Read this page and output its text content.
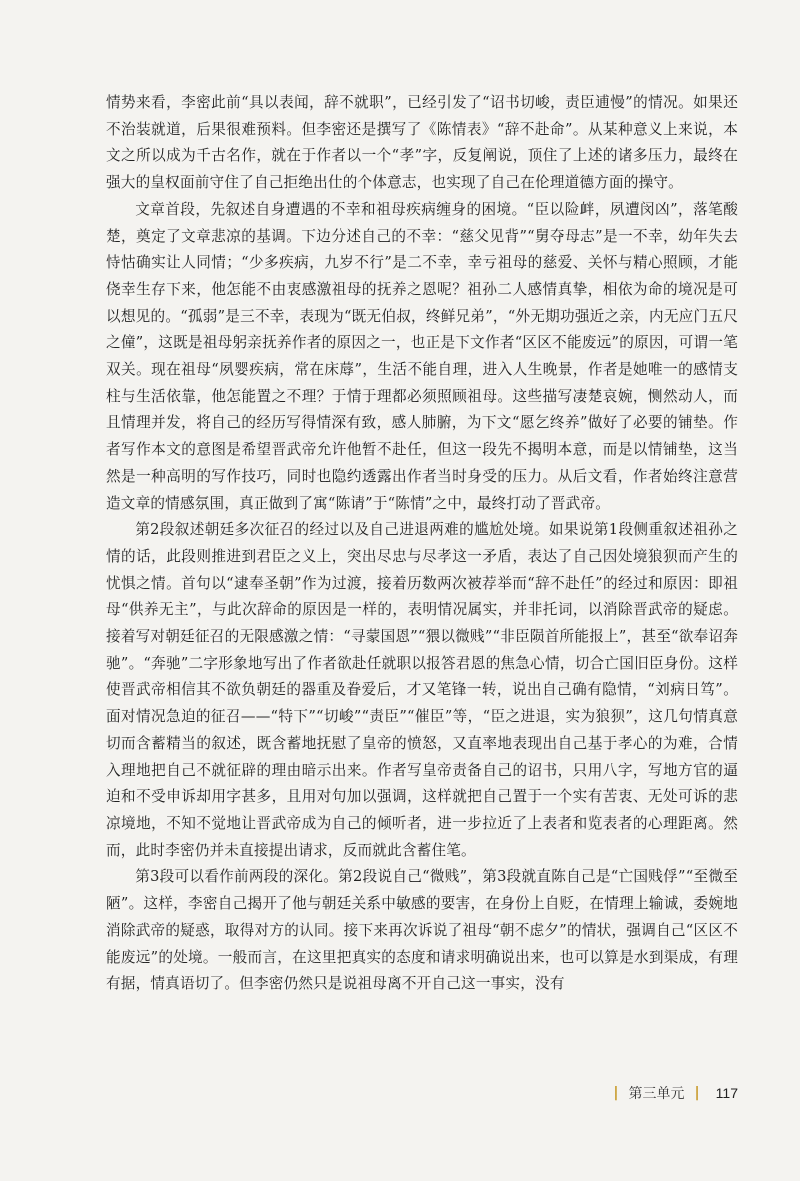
情势来看，李密此前“具以表闻，辞不就职”，已经引发了“诏书切峻，责臣逋慢”的情况。如果还不治装就道，后果很难预料。但李密还是撰写了《陈情表》“辞不赴命”。从某种意义上来说，本文之所以成为千古名作，就在于作者以一个“孝”字，反复阐说，顶住了上述的诸多压力，最终在强大的皇权面前守住了自己拒绝出仕的个体意志，也实现了自己在伦理道德方面的操守。

文章首段，先叙述自身遭遇的不幸和祖母疾病缠身的困境。“臣以险衅，夙遭闵凶”，落笔酸楚，奠定了文章悲凉的基调。下边分述自己的不幸：“慈父见背”“舅夺母志”是一不幸，幼年失去恃怙确实让人同情；“少多疾病，九岁不行”是二不幸，幸亏祖母的慈爱、关怀与精心照顾，才能侥幸生存下来，他怎能不由衷感激祖母的抚养之恩呢？祖孙二人感情真挚，相依为命的境况是可以想见的。“孤弱”是三不幸，表现为“既无伯叔，终鲜兄弟”，“外无期功强近之亲，内无应门五尺之僮”，这既是祖母躬亲抚养作者的原因之一，也正是下文作者“区区不能废远”的原因，可谓一笔双关。现在祖母“夙婴疾病，常在床蓐”，生活不能自理，进入人生晚景，作者是她唯一的感情支柱与生活依靠，他怎能置之不理？于情于理都必须照顾祖母。这些描写凄楚哀婉，恻然动人，而且情理并发，将自己的经历写得情深有致，感人肺腑，为下文“愿乞终养”做好了必要的铺垫。作者写作本文的意图是希望晋武帝允许他暂不赴任，但这一段先不揭明本意，而是以情铺垫，这当然是一种高明的写作技巧，同时也隐约透露出作者当时身受的压力。从后文看，作者始终注意营造文章的情感氛围，真正做到了寓“陈请”于“陈情”之中，最终打动了晋武帝。

第2段叙述朝廷多次征召的经过以及自己进退两难的尴尬处境。如果说第1段侧重叙述祖孙之情的话，此段则推进到君臣之义上，突出尽忠与尽孝这一矛盾，表达了自己因处境狼狈而产生的忧惧之情。首句以“逮奉圣朝”作为过渡，接着历数两次被荐举而“辞不赴任”的经过和原因：即祖母“供养无主”，与此次辞命的原因是一样的，表明情况属实，并非托词，以消除晋武帝的疑虑。接着写对朝廷征召的无限感激之情：“寻蒙国恩”“猥以微贱”“非臣陨首所能报上”，甚至“欲奉诏奔驰”。“奔驰”二字形象地写出了作者欲赴任就职以报答君恩的焦急心情，切合亡国旧臣身份。这样使晋武帝相信其不欲负朝廷的器重及眷爱后，才又笔锋一转，说出自己确有隐情，“刘病日笃”。面对情况急迫的征召——“特下”“切峻”“责臣”“催臣”等，“臣之进退，实为狼狈”，这几句情真意切而含蓄精当的叙述，既含蓄地抚慰了皇帝的愤怒，又直率地表现出自己基于孝心的为难，合情入理地把自己不就征辟的理由暗示出来。作者写皇帝责备自己的诏书，只用八字，写地方官的逼迫和不受申诉却用字甚多，且用对句加以强调，这样就把自己置于一个实有苦衷、无处可诉的悲凉境地，不知不觉地让晋武帝成为自己的倾听者，进一步拉近了上表者和览表者的心理距离。然而，此时李密仍并未直接提出请求，反而就此含蓄住笔。

第3段可以看作前两段的深化。第2段说自己“微贱”，第3段就直陈自己是“亡国贱俘”“至微至陋”。这样，李密自己揭开了他与朝廷关系中敏感的要害，在身份上自贬，在情理上输诚，委婉地消除武帝的疑惑，取得对方的认同。接下来再次诉说了祖母“朝不虑夕”的情状，强调自己“区区不能废远”的处境。一般而言，在这里把真实的态度和请求明确说出来，也可以算是水到渠成，有理有据，情真语切了。但李密仍然只是说祖母离不开自己这一事实，没有

| 第三单元 | 117
